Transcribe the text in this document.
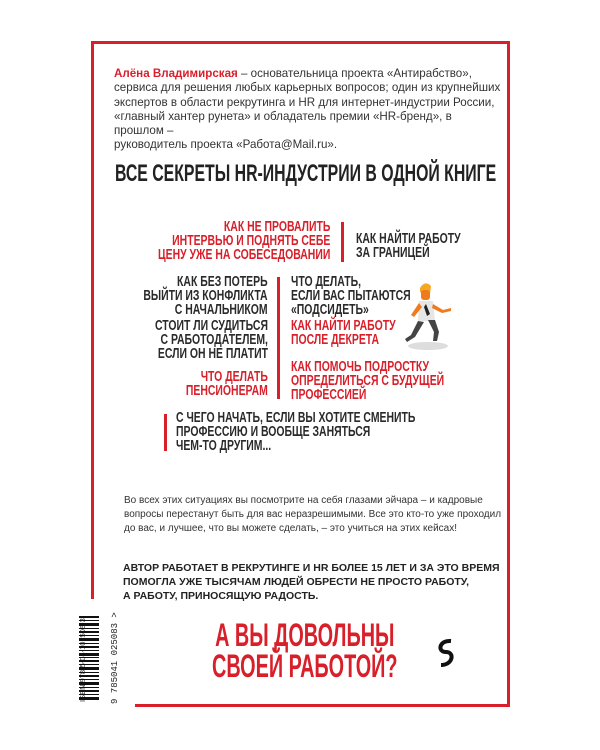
Алёна Владимирская – основательница проекта «Антирабство»,
сервиса для решения любых карьерных вопросов; один из крупнейших
экспертов в области рекрутинга и HR для интернет-индустрии России,
«главный хантер рунета» и обладатель премии «HR-бренд», в прошлом –
руководитель проекта «Работа@Mail.ru».
ВСЕ СЕКРЕТЫ HR-ИНДУСТРИИ В ОДНОЙ КНИГЕ
КАК НЕ ПРОВАЛИТЬ
ИНТЕРВЬЮ И ПОДНЯТЬ СЕБЕ
ЦЕНУ УЖЕ НА СОБЕСЕДОВАНИИ
КАК НАЙТИ РАБОТУ
ЗА ГРАНИЦЕЙ
КАК БЕЗ ПОТЕРЬ
ВЫЙТИ ИЗ КОНФЛИКТА
С НАЧАЛЬНИКОМ
СТОИТ ЛИ СУДИТЬСЯ
С РАБОТОДАТЕЛЕМ,
ЕСЛИ ОН НЕ ПЛАТИТ
ЧТО ДЕЛАТЬ
ПЕНСИОНЕРАМ
ЧТО ДЕЛАТЬ,
ЕСЛИ ВАС ПЫТАЮТСЯ
«ПОДСИДЕТЬ»
КАК НАЙТИ РАБОТУ
ПОСЛЕ ДЕКРЕТА
КАК ПОМОЧЬ ПОДРОСТКУ
ОПРЕДЕЛИТЬСЯ С БУДУЩЕЙ
ПРОФЕССИЕЙ
С ЧЕГО НАЧАТЬ, ЕСЛИ ВЫ ХОТИТЕ СМЕНИТЬ
ПРОФЕССИЮ И ВООБЩЕ ЗАНЯТЬСЯ
ЧЕМ-ТО ДРУГИМ...
Во всех этих ситуациях вы посмотрите на себя глазами эйчара – и кадровые
вопросы перестанут быть для вас неразрешимыми. Все это кто-то уже проходил
до вас, и лучшее, что вы можете сделать, – это учиться на этих кейсах!
АВТОР РАБОТАЕТ В РЕКРУТИНГЕ И HR БОЛЕЕ 15 ЛЕТ И ЗА ЭТО ВРЕМЯ
ПОМОГЛА УЖЕ ТЫСЯЧАМ ЛЮДЕЙ ОБРЕСТИ НЕ ПРОСТО РАБОТУ,
А РАБОТУ, ПРИНОСЯЩУЮ РАДОСТЬ.
А ВЫ ДОВОЛЬНЫ
СВОЕЙ РАБОТОЙ?
9 785041 025083 >
